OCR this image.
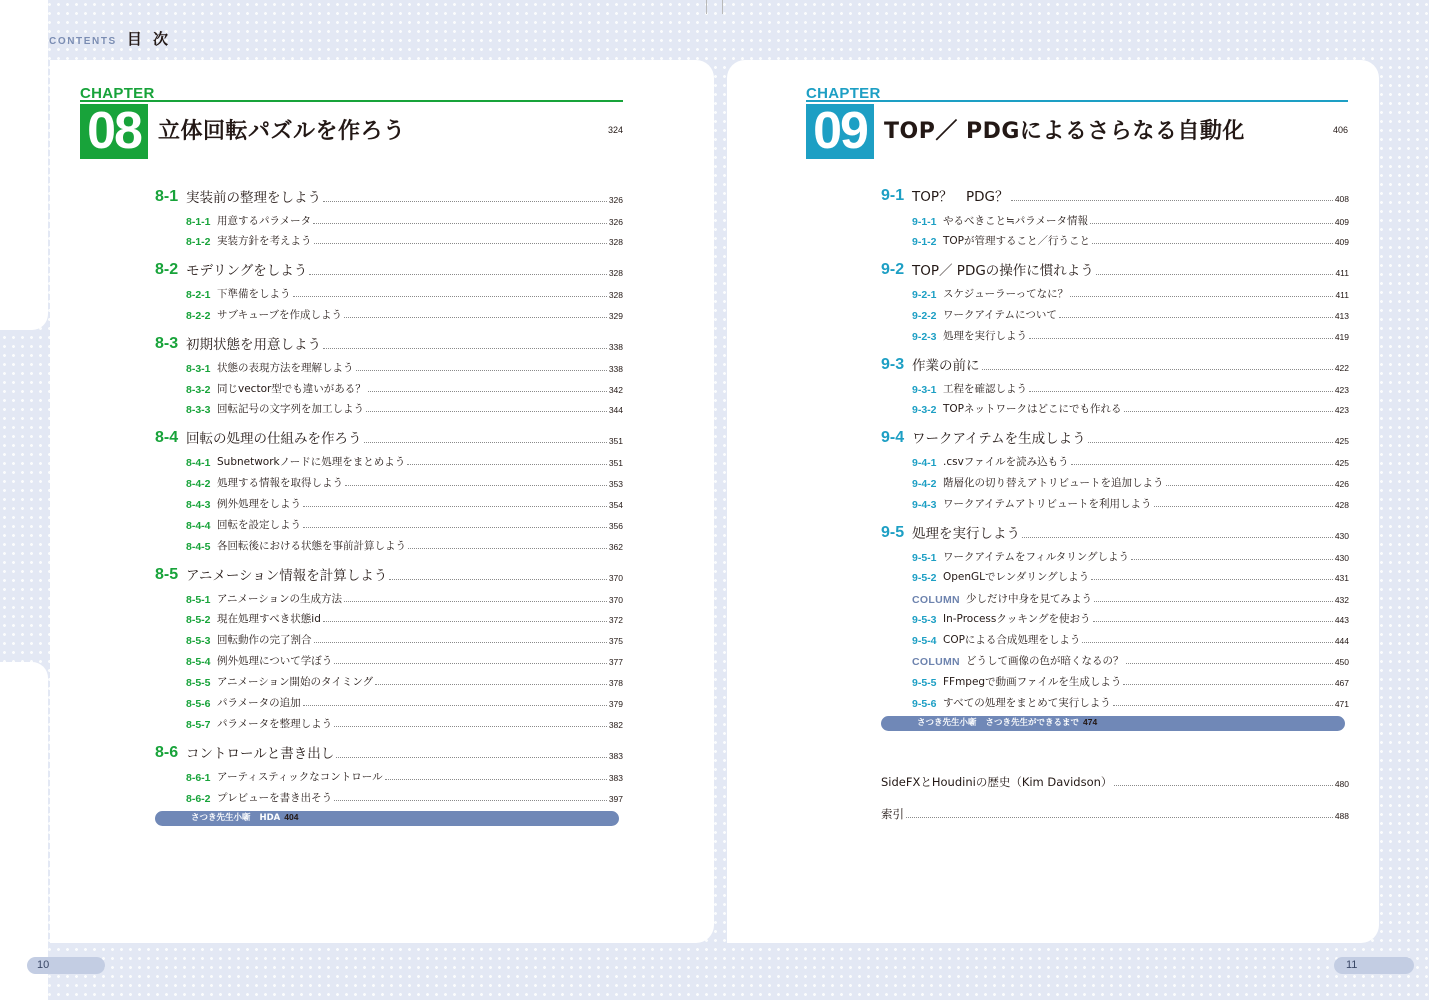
CONTENTS 目 次
CHAPTER
08 立体回転パズルを作ろう	324
CHAPTER
09 TOP／ PDGによるさらなる自動化	406
8-1 実装前の整理をしよう	326
8-1-1 用意するパラメータ	326
8-1-2 実装方針を考えよう	328
8-2 モデリングをしよう	328
8-2-1 下準備をしよう	328
8-2-2 サブキューブを作成しよう	329
8-3 初期状態を用意しよう	338
8-3-1 状態の表現方法を理解しよう	338
8-3-2 同じvector型でも違いがある？	342
8-3-3 回転記号の文字列を加工しよう	344
8-4 回転の処理の仕組みを作ろう	351
8-4-1 Subnetworkノードに処理をまとめよう	351
8-4-2 処理する情報を取得しよう	353
8-4-3 例外処理をしよう	354
8-4-4 回転を設定しよう	356
8-4-5 各回転後における状態を事前計算しよう	362
8-5 アニメーション情報を計算しよう	370
8-5-1 アニメーションの生成方法	370
8-5-2 現在処理すべき状態id	372
8-5-3 回転動作の完了割合	375
8-5-4 例外処理について学ぼう	377
8-5-5 アニメーション開始のタイミング	378
8-5-6 パラメータの追加	379
8-5-7 パラメータを整理しよう	382
8-6 コントロールと書き出し	383
8-6-1 アーティスティックなコントロール	383
8-6-2 プレビューを書き出そう	397
さつき先生小噺 HDA 404
9-1 TOP？　PDG？	408
9-1-1 やるべきこと≒パラメータ情報	409
9-1-2 TOPが管理すること／行うこと	409
9-2 TOP／ PDGの操作に慣れよう	411
9-2-1 スケジューラーってなに？	411
9-2-2 ワークアイテムについて	413
9-2-3 処理を実行しよう	419
9-3 作業の前に	422
9-3-1 工程を確認しよう	423
9-3-2 TOPネットワークはどこにでも作れる	423
9-4 ワークアイテムを生成しよう	425
9-4-1 .csvファイルを読み込もう	425
9-4-2 階層化の切り替えアトリビュートを追加しよう	426
9-4-3 ワークアイテムアトリビュートを利用しよう	428
9-5 処理を実行しよう	430
9-5-1 ワークアイテムをフィルタリングしよう	430
9-5-2 OpenGLでレンダリングしよう	431
COLUMN 少しだけ中身を見てみよう	432
9-5-3 In-Processクッキングを使おう	443
9-5-4 COPによる合成処理をしよう	444
COLUMN どうして画像の色が暗くなるの？	450
9-5-5 FFmpegで動画ファイルを生成しよう	467
9-5-6 すべての処理をまとめて実行しよう	471
さつき先生小噺 さつき先生ができるまで 474
SideFXとHoudiniの歴史（Kim Davidson）	480
索引	488
10	11
